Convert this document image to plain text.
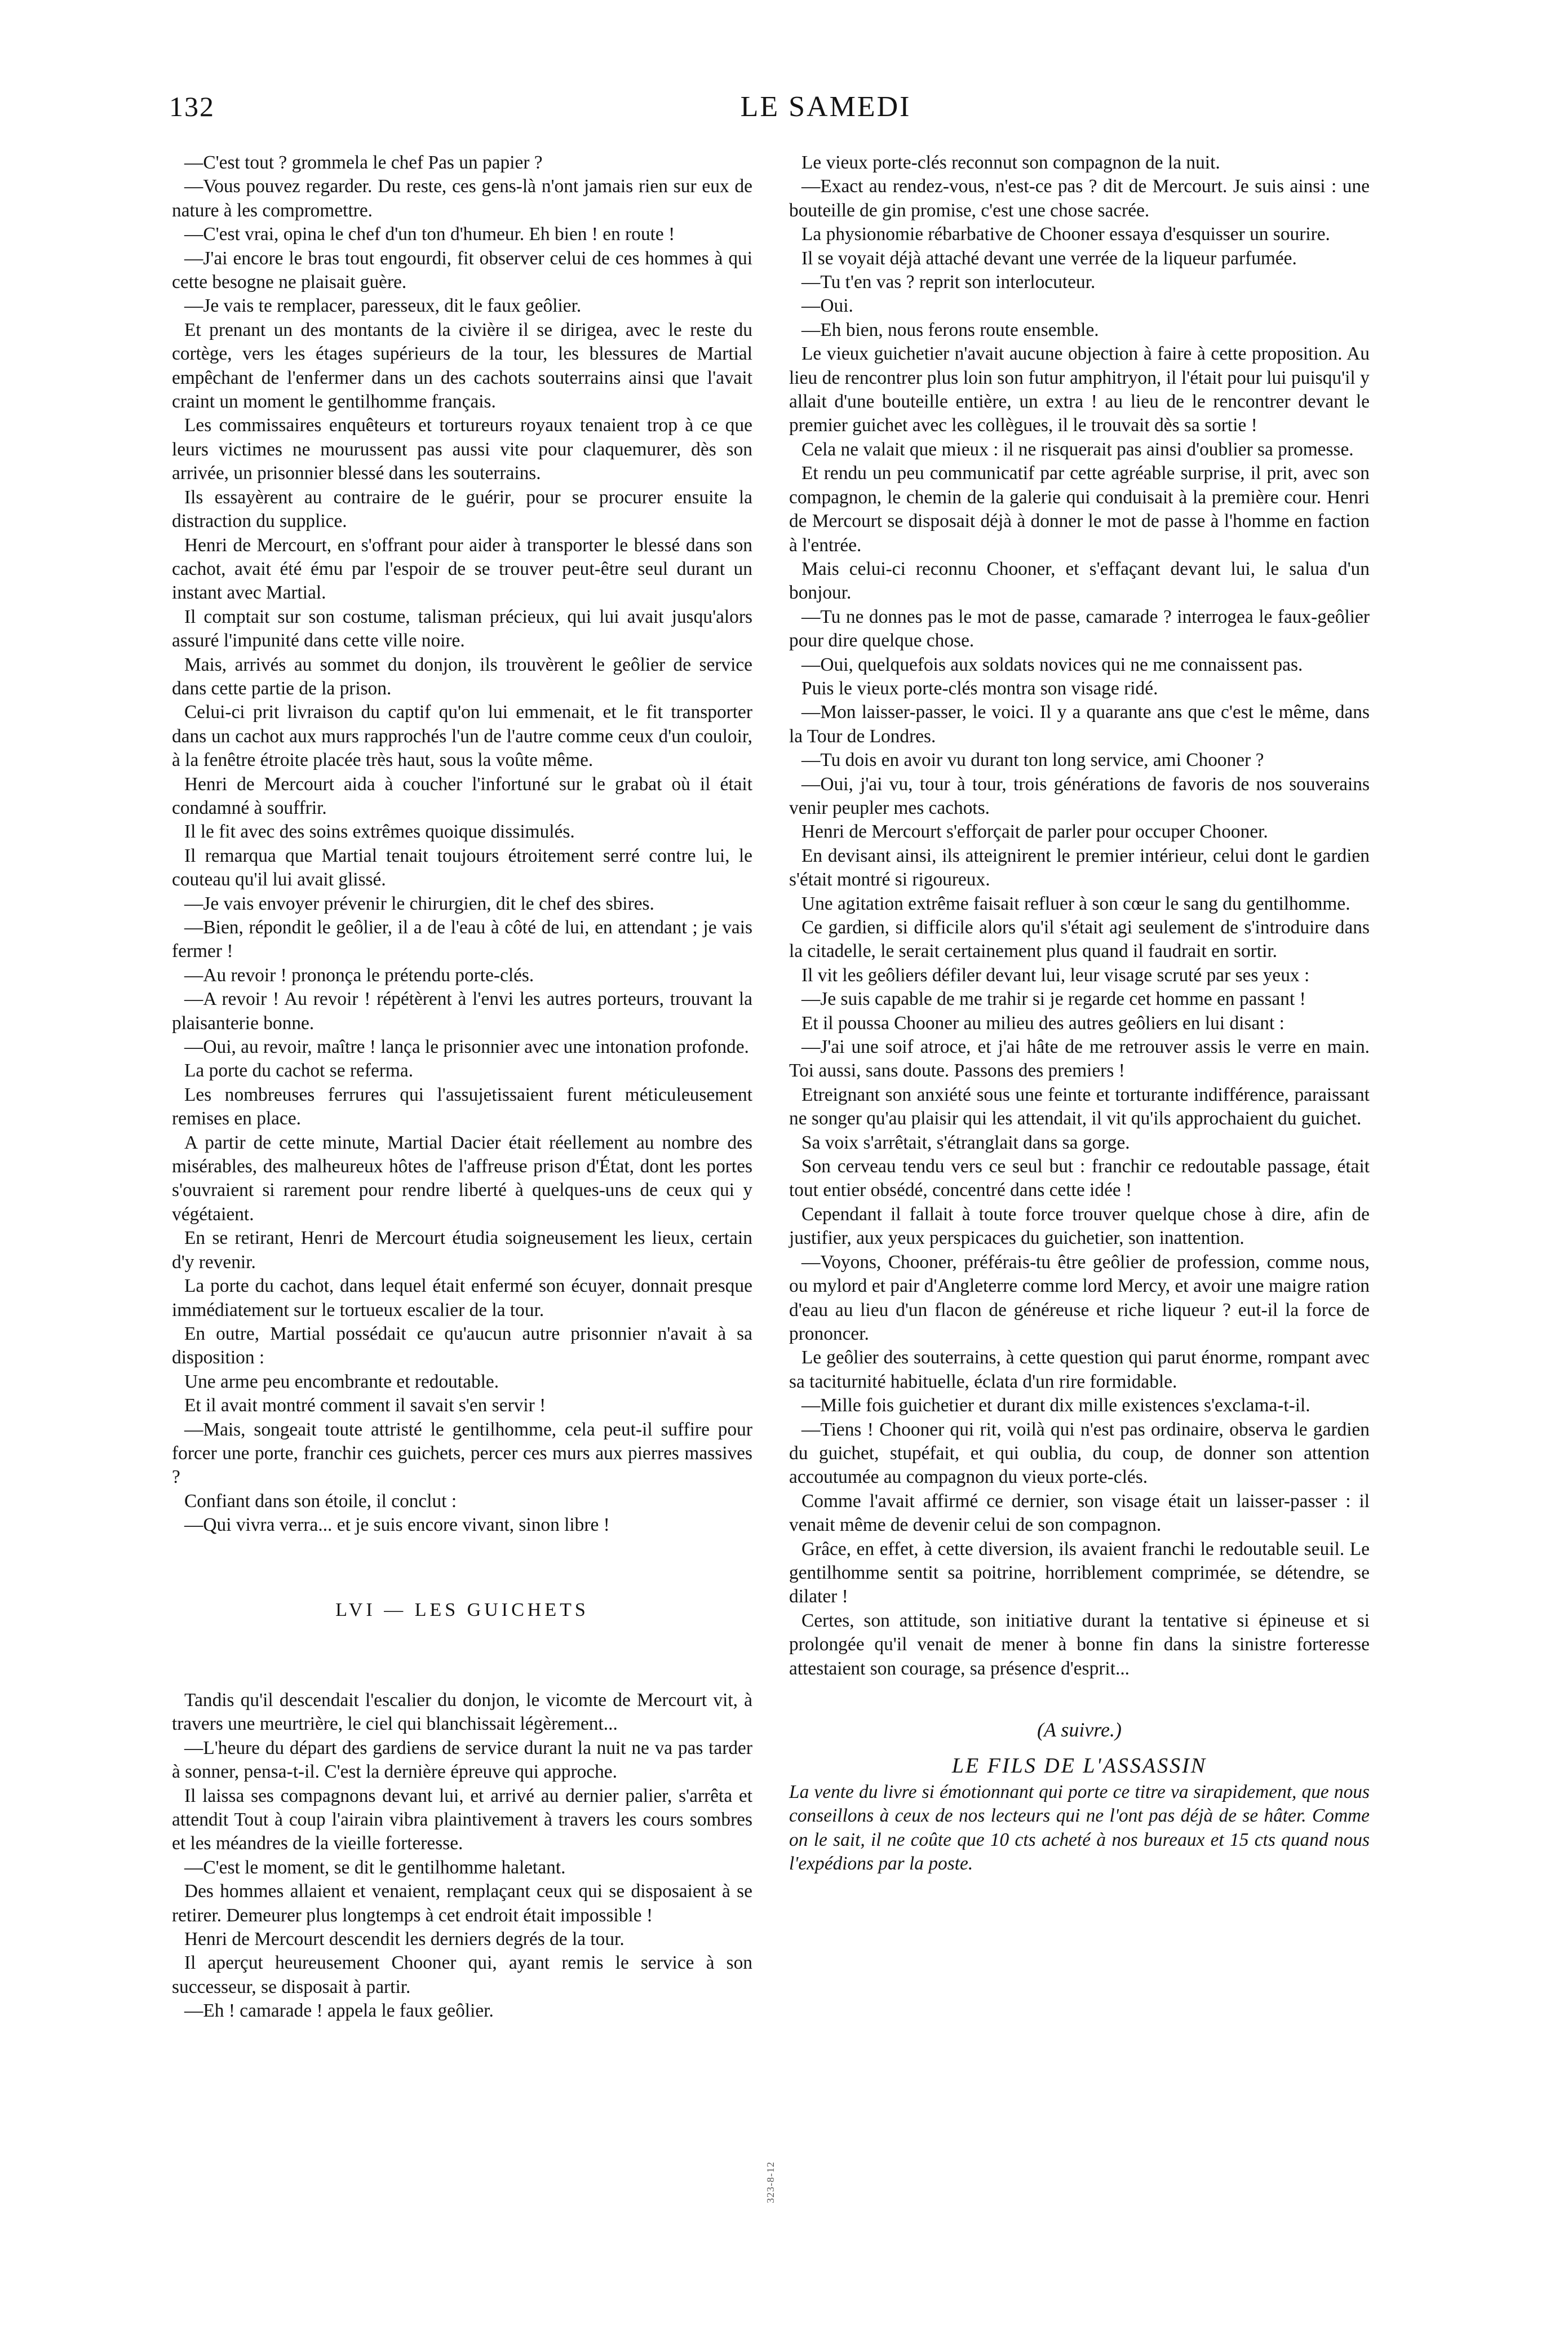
132	LE SAMEDI

—C'est tout ? grommela le chef Pas un papier ?

—Vous pouvez regarder. Du reste, ces gens-là n'ont jamais rien sur eux de nature à les compromettre.

—C'est vrai, opina le chef d'un ton d'humeur. Eh bien ! en route !

—J'ai encore le bras tout engourdi, fit observer celui de ces hommes à qui cette besogne ne plaisait guère.

—Je vais te remplacer, paresseux, dit le faux geôlier.

Et prenant un des montants de la civière il se dirigea, avec le reste du cortège, vers les étages supérieurs de la tour, les blessures de Martial empêchant de l'enfermer dans un des cachots souterrains ainsi que l'avait craint un moment le gentilhomme français.

Les commissaires enquêteurs et tortureurs royaux tenaient trop à ce que leurs victimes ne mourussent pas aussi vite pour claquemurer, dès son arrivée, un prisonnier blessé dans les souterrains.

Ils essayèrent au contraire de le guérir, pour se procurer ensuite la distraction du supplice.

Henri de Mercourt, en s'offrant pour aider à transporter le blessé dans son cachot, avait été ému par l'espoir de se trouver peut-être seul durant un instant avec Martial.

Il comptait sur son costume, talisman précieux, qui lui avait jusqu'alors assuré l'impunité dans cette ville noire.

Mais, arrivés au sommet du donjon, ils trouvèrent le geôlier de service dans cette partie de la prison.

Celui-ci prit livraison du captif qu'on lui emmenait, et le fit transporter dans un cachot aux murs rapprochés l'un de l'autre comme ceux d'un couloir, à la fenêtre étroite placée très haut, sous la voûte même.

Henri de Mercourt aida à coucher l'infortuné sur le grabat où il était condamné à souffrir.

Il le fit avec des soins extrêmes quoique dissimulés.

Il remarqua que Martial tenait toujours étroitement serré contre lui, le couteau qu'il lui avait glissé.

—Je vais envoyer prévenir le chirurgien, dit le chef des sbires.

—Bien, répondit le geôlier, il a de l'eau à côté de lui, en attendant ; je vais fermer !

—Au revoir ! prononça le prétendu porte-clés.

—A revoir ! Au revoir ! répétèrent à l'envi les autres porteurs, trouvant la plaisanterie bonne.

—Oui, au revoir, maître ! lança le prisonnier avec une intonation profonde.

La porte du cachot se referma.

Les nombreuses ferrures qui l'assujetissaient furent méticuleusement remises en place.

A partir de cette minute, Martial Dacier était réellement au nombre des misérables, des malheureux hôtes de l'affreuse prison d'État, dont les portes s'ouvraient si rarement pour rendre liberté à quelques-uns de ceux qui y végétaient.

En se retirant, Henri de Mercourt étudia soigneusement les lieux, certain d'y revenir.

La porte du cachot, dans lequel était enfermé son écuyer, donnait presque immédiatement sur le tortueux escalier de la tour.

En outre, Martial possédait ce qu'aucun autre prisonnier n'avait à sa disposition :

Une arme peu encombrante et redoutable.

Et il avait montré comment il savait s'en servir !

—Mais, songeait toute attristé le gentilhomme, cela peut-il suffire pour forcer une porte, franchir ces guichets, percer ces murs aux pierres massives ?

Confiant dans son étoile, il conclut :

—Qui vivra verra... et je suis encore vivant, sinon libre !

LVI — LES GUICHETS

Tandis qu'il descendait l'escalier du donjon, le vicomte de Mercourt vit, à travers une meurtrière, le ciel qui blanchissait légèrement...

—L'heure du départ des gardiens de service durant la nuit ne va pas tarder à sonner, pensa-t-il. C'est la dernière épreuve qui approche.

Il laissa ses compagnons devant lui, et arrivé au dernier palier, s'arrêta et attendit Tout à coup l'airain vibra plaintivement à travers les cours sombres et les méandres de la vieille forteresse.

—C'est le moment, se dit le gentilhomme haletant.

Des hommes allaient et venaient, remplaçant ceux qui se disposaient à se retirer. Demeurer plus longtemps à cet endroit était impossible !

Henri de Mercourt descendit les derniers degrés de la tour.

Il aperçut heureusement Chooner qui, ayant remis le service à son successeur, se disposait à partir.

—Eh ! camarade ! appela le faux geôlier.

Le vieux porte-clés reconnut son compagnon de la nuit.

—Exact au rendez-vous, n'est-ce pas ? dit de Mercourt. Je suis ainsi : une bouteille de gin promise, c'est une chose sacrée.

La physionomie rébarbative de Chooner essaya d'esquisser un sourire.

Il se voyait déjà attaché devant une verrée de la liqueur parfumée.

—Tu t'en vas ? reprit son interlocuteur.

—Oui.

—Eh bien, nous ferons route ensemble.

Le vieux guichetier n'avait aucune objection à faire à cette proposition. Au lieu de rencontrer plus loin son futur amphitryon, il l'était pour lui puisqu'il y allait d'une bouteille entière, un extra ! au lieu de le rencontrer devant le premier guichet avec les collègues, il le trouvait dès sa sortie !

Cela ne valait que mieux : il ne risquerait pas ainsi d'oublier sa promesse.

Et rendu un peu communicatif par cette agréable surprise, il prit, avec son compagnon, le chemin de la galerie qui conduisait à la première cour. Henri de Mercourt se disposait déjà à donner le mot de passe à l'homme en faction à l'entrée.

Mais celui-ci reconnu Chooner, et s'effaçant devant lui, le salua d'un bonjour.

—Tu ne donnes pas le mot de passe, camarade ? interrogea le faux-geôlier pour dire quelque chose.

—Oui, quelquefois aux soldats novices qui ne me connaissent pas.

Puis le vieux porte-clés montra son visage ridé.

—Mon laisser-passer, le voici. Il y a quarante ans que c'est le même, dans la Tour de Londres.

—Tu dois en avoir vu durant ton long service, ami Chooner ?

—Oui, j'ai vu, tour à tour, trois générations de favoris de nos souverains venir peupler mes cachots.

Henri de Mercourt s'efforçait de parler pour occuper Chooner.

En devisant ainsi, ils atteignirent le premier intérieur, celui dont le gardien s'était montré si rigoureux.

Une agitation extrême faisait refluer à son cœur le sang du gentilhomme.

Ce gardien, si difficile alors qu'il s'était agi seulement de s'introduire dans la citadelle, le serait certainement plus quand il faudrait en sortir.

Il vit les geôliers défiler devant lui, leur visage scruté par ses yeux :

—Je suis capable de me trahir si je regarde cet homme en passant !

Et il poussa Chooner au milieu des autres geôliers en lui disant :

—J'ai une soif atroce, et j'ai hâte de me retrouver assis le verre en main. Toi aussi, sans doute. Passons des premiers !

Etreignant son anxiété sous une feinte et torturante indifférence, paraissant ne songer qu'au plaisir qui les attendait, il vit qu'ils approchaient du guichet.

Sa voix s'arrêtait, s'étranglait dans sa gorge.

Son cerveau tendu vers ce seul but : franchir ce redoutable passage, était tout entier obsédé, concentré dans cette idée !

Cependant il fallait à toute force trouver quelque chose à dire, afin de justifier, aux yeux perspicaces du guichetier, son inattention.

—Voyons, Chooner, préférais-tu être geôlier de profession, comme nous, ou mylord et pair d'Angleterre comme lord Mercy, et avoir une maigre ration d'eau au lieu d'un flacon de généreuse et riche liqueur ? eut-il la force de prononcer.

Le geôlier des souterrains, à cette question qui parut énorme, rompant avec sa taciturnité habituelle, éclata d'un rire formidable.

—Mille fois guichetier et durant dix mille existences s'exclama-t-il.

—Tiens ! Chooner qui rit, voilà qui n'est pas ordinaire, observa le gardien du guichet, stupéfait, et qui oublia, du coup, de donner son attention accoutumée au compagnon du vieux porte-clés.

Comme l'avait affirmé ce dernier, son visage était un laisser-passer : il venait même de devenir celui de son compagnon.

Grâce, en effet, à cette diversion, ils avaient franchi le redoutable seuil. Le gentilhomme sentit sa poitrine, horriblement comprimée, se détendre, se dilater !

Certes, son attitude, son initiative durant la tentative si épineuse et si prolongée qu'il venait de mener à bonne fin dans la sinistre forteresse attestaient son courage, sa présence d'esprit...

(A suivre.)
LE FILS DE L'ASSASSIN

La vente du livre si émotionnant qui porte ce titre va sirapidement, que nous conseillons à ceux de nos lecteurs qui ne l'ont pas déjà de se hâter. Comme on le sait, il ne coûte que 10 cts acheté à nos bureaux et 15 cts quand nous l'expédions par la poste.

323-8-12
